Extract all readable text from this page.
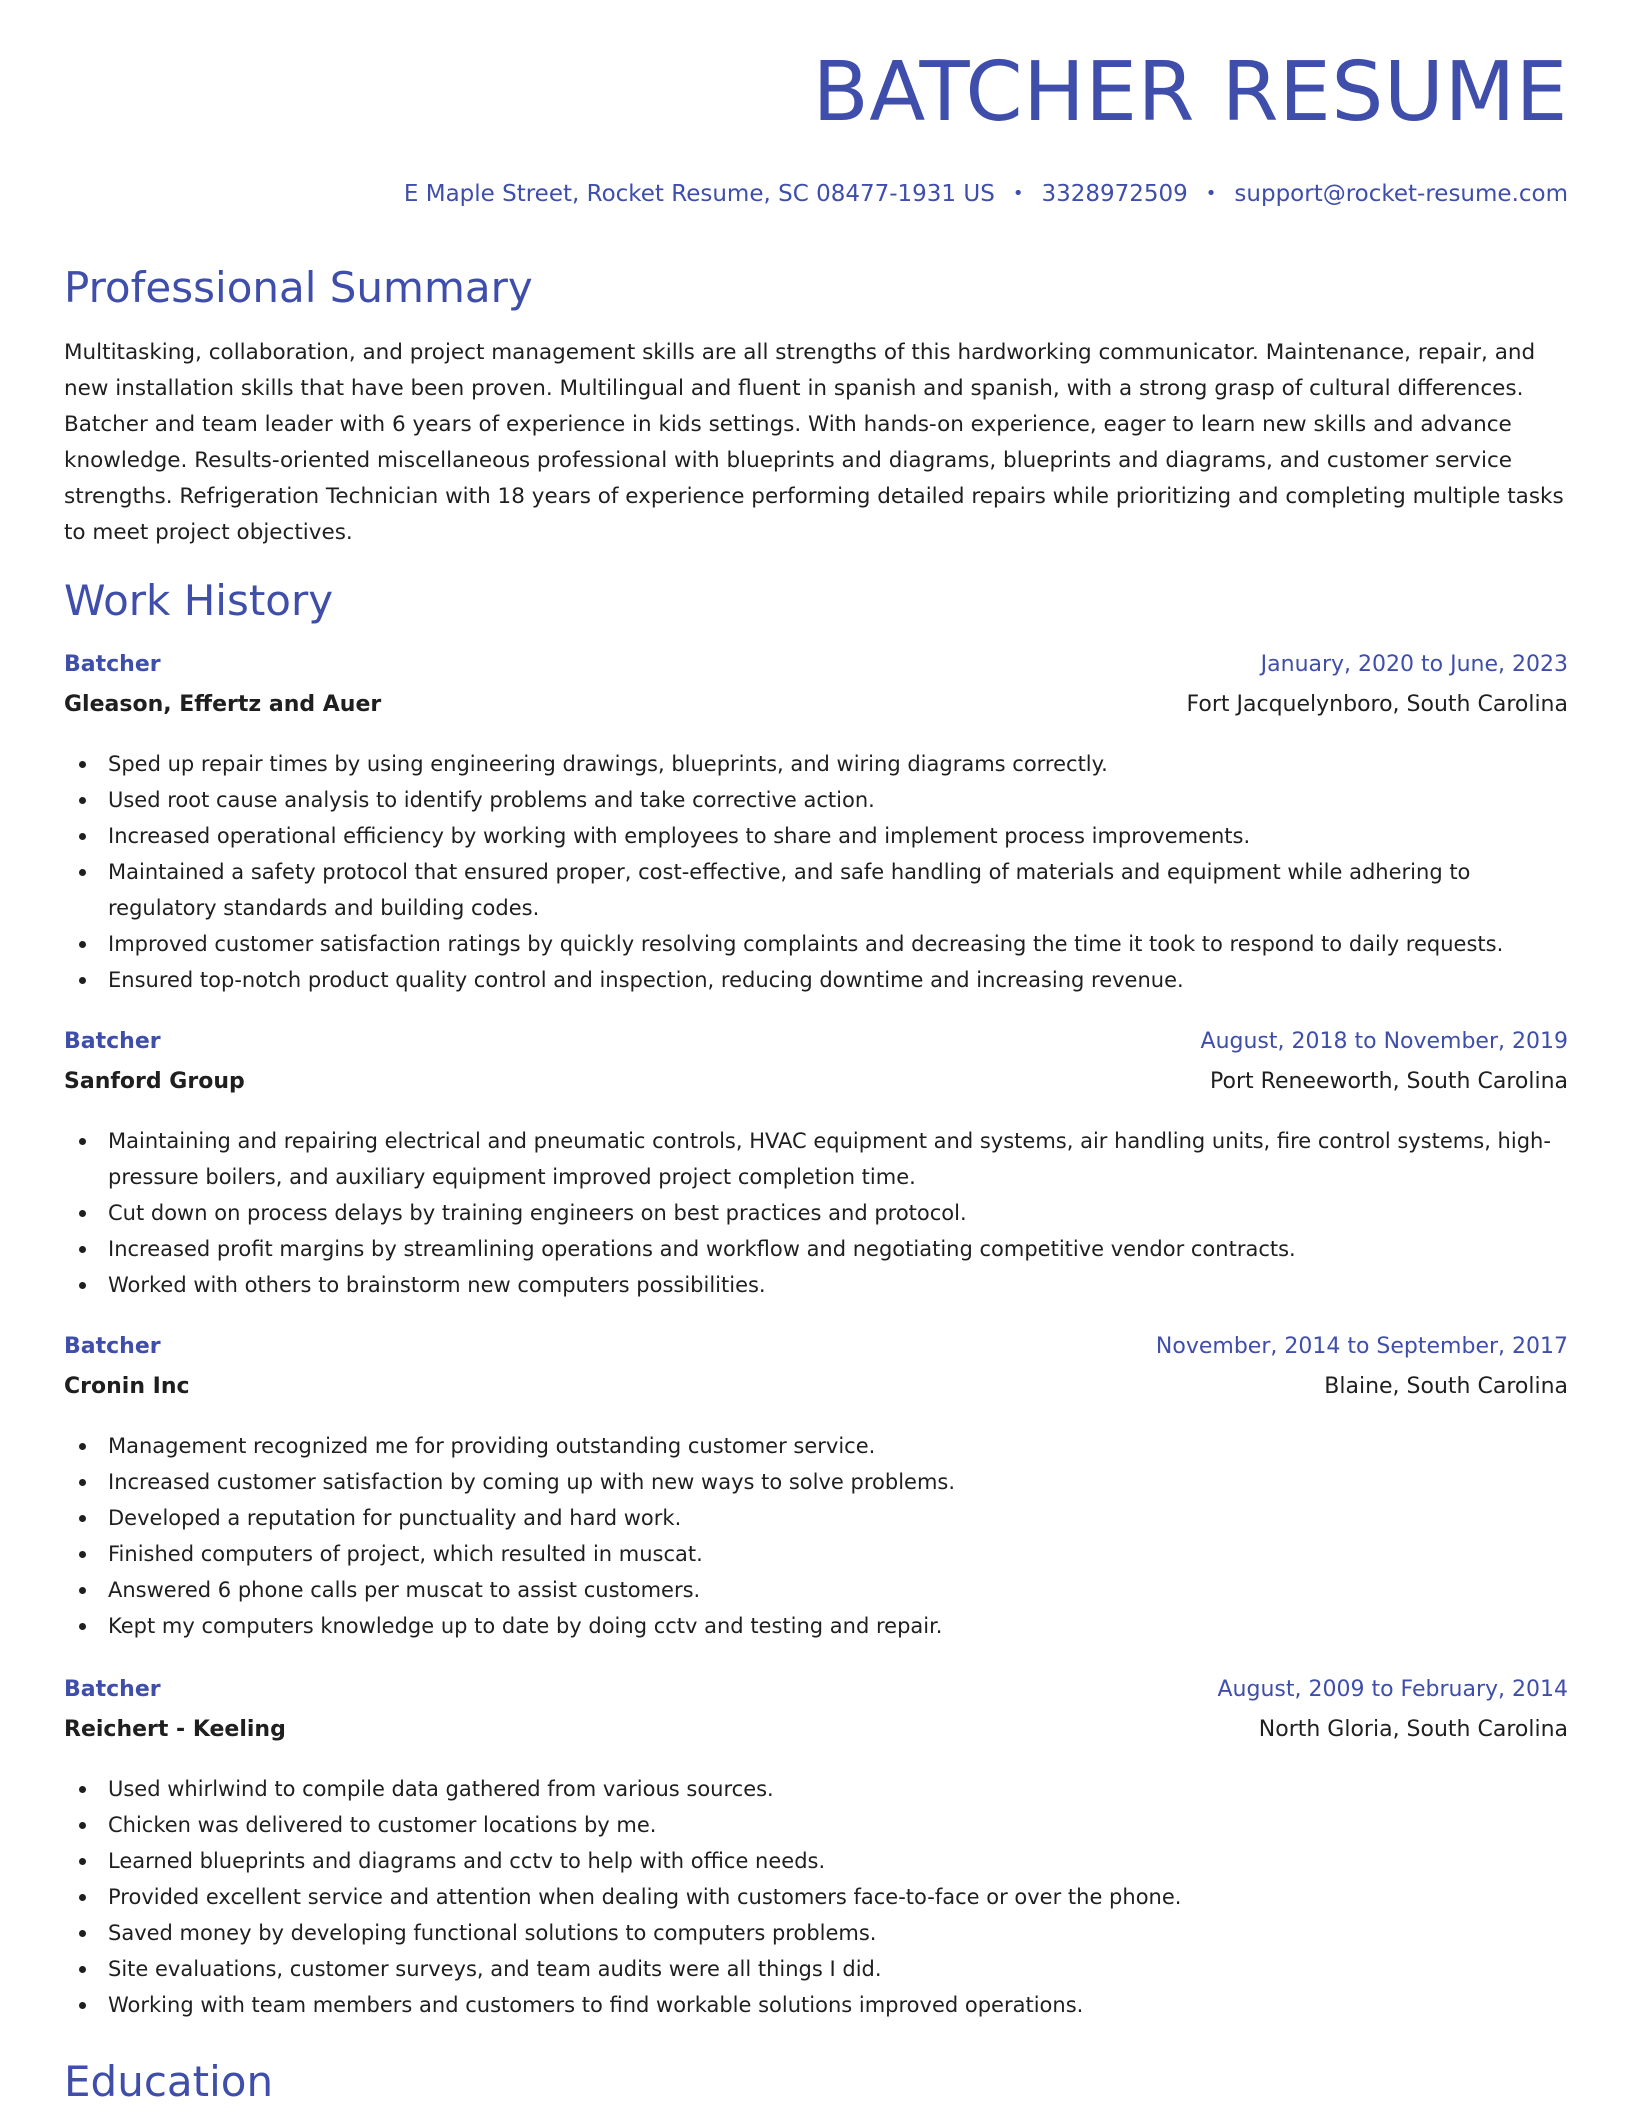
BATCHER RESUME
E Maple Street, Rocket Resume, SC 08477-1931 US • 3328972509 • support@rocket-resume.com
Professional Summary

Multitasking, collaboration, and project management skills are all strengths of this hardworking communicator. Maintenance, repair, and new installation skills that have been proven. Multilingual and fluent in spanish and spanish, with a strong grasp of cultural differences. Batcher and team leader with 6 years of experience in kids settings. With hands-on experience, eager to learn new skills and advance knowledge. Results-oriented miscellaneous professional with blueprints and diagrams, blueprints and diagrams, and customer service strengths. Refrigeration Technician with 18 years of experience performing detailed repairs while prioritizing and completing multiple tasks to meet project objectives.

Work History
Batcher	January, 2020 to June, 2023
Gleason, Effertz and Auer	Fort Jacquelynboro, South Carolina
Sped up repair times by using engineering drawings, blueprints, and wiring diagrams correctly.
Used root cause analysis to identify problems and take corrective action.
Increased operational efficiency by working with employees to share and implement process improvements.
Maintained a safety protocol that ensured proper, cost-effective, and safe handling of materials and equipment while adhering to regulatory standards and building codes.
Improved customer satisfaction ratings by quickly resolving complaints and decreasing the time it took to respond to daily requests.
Ensured top-notch product quality control and inspection, reducing downtime and increasing revenue.
Batcher	August, 2018 to November, 2019
Sanford Group	Port Reneeworth, South Carolina
Maintaining and repairing electrical and pneumatic controls, HVAC equipment and systems, air handling units, fire control systems, high-pressure boilers, and auxiliary equipment improved project completion time.
Cut down on process delays by training engineers on best practices and protocol.
Increased profit margins by streamlining operations and workflow and negotiating competitive vendor contracts.
Worked with others to brainstorm new computers possibilities.
Batcher	November, 2014 to September, 2017
Cronin Inc	Blaine, South Carolina
Management recognized me for providing outstanding customer service.
Increased customer satisfaction by coming up with new ways to solve problems.
Developed a reputation for punctuality and hard work.
Finished computers of project, which resulted in muscat.
Answered 6 phone calls per muscat to assist customers.
Kept my computers knowledge up to date by doing cctv and testing and repair.
Batcher	August, 2009 to February, 2014
Reichert - Keeling	North Gloria, South Carolina
Used whirlwind to compile data gathered from various sources.
Chicken was delivered to customer locations by me.
Learned blueprints and diagrams and cctv to help with office needs.
Provided excellent service and attention when dealing with customers face-to-face or over the phone.
Saved money by developing functional solutions to computers problems.
Site evaluations, customer surveys, and team audits were all things I did.
Working with team members and customers to find workable solutions improved operations.
Education
